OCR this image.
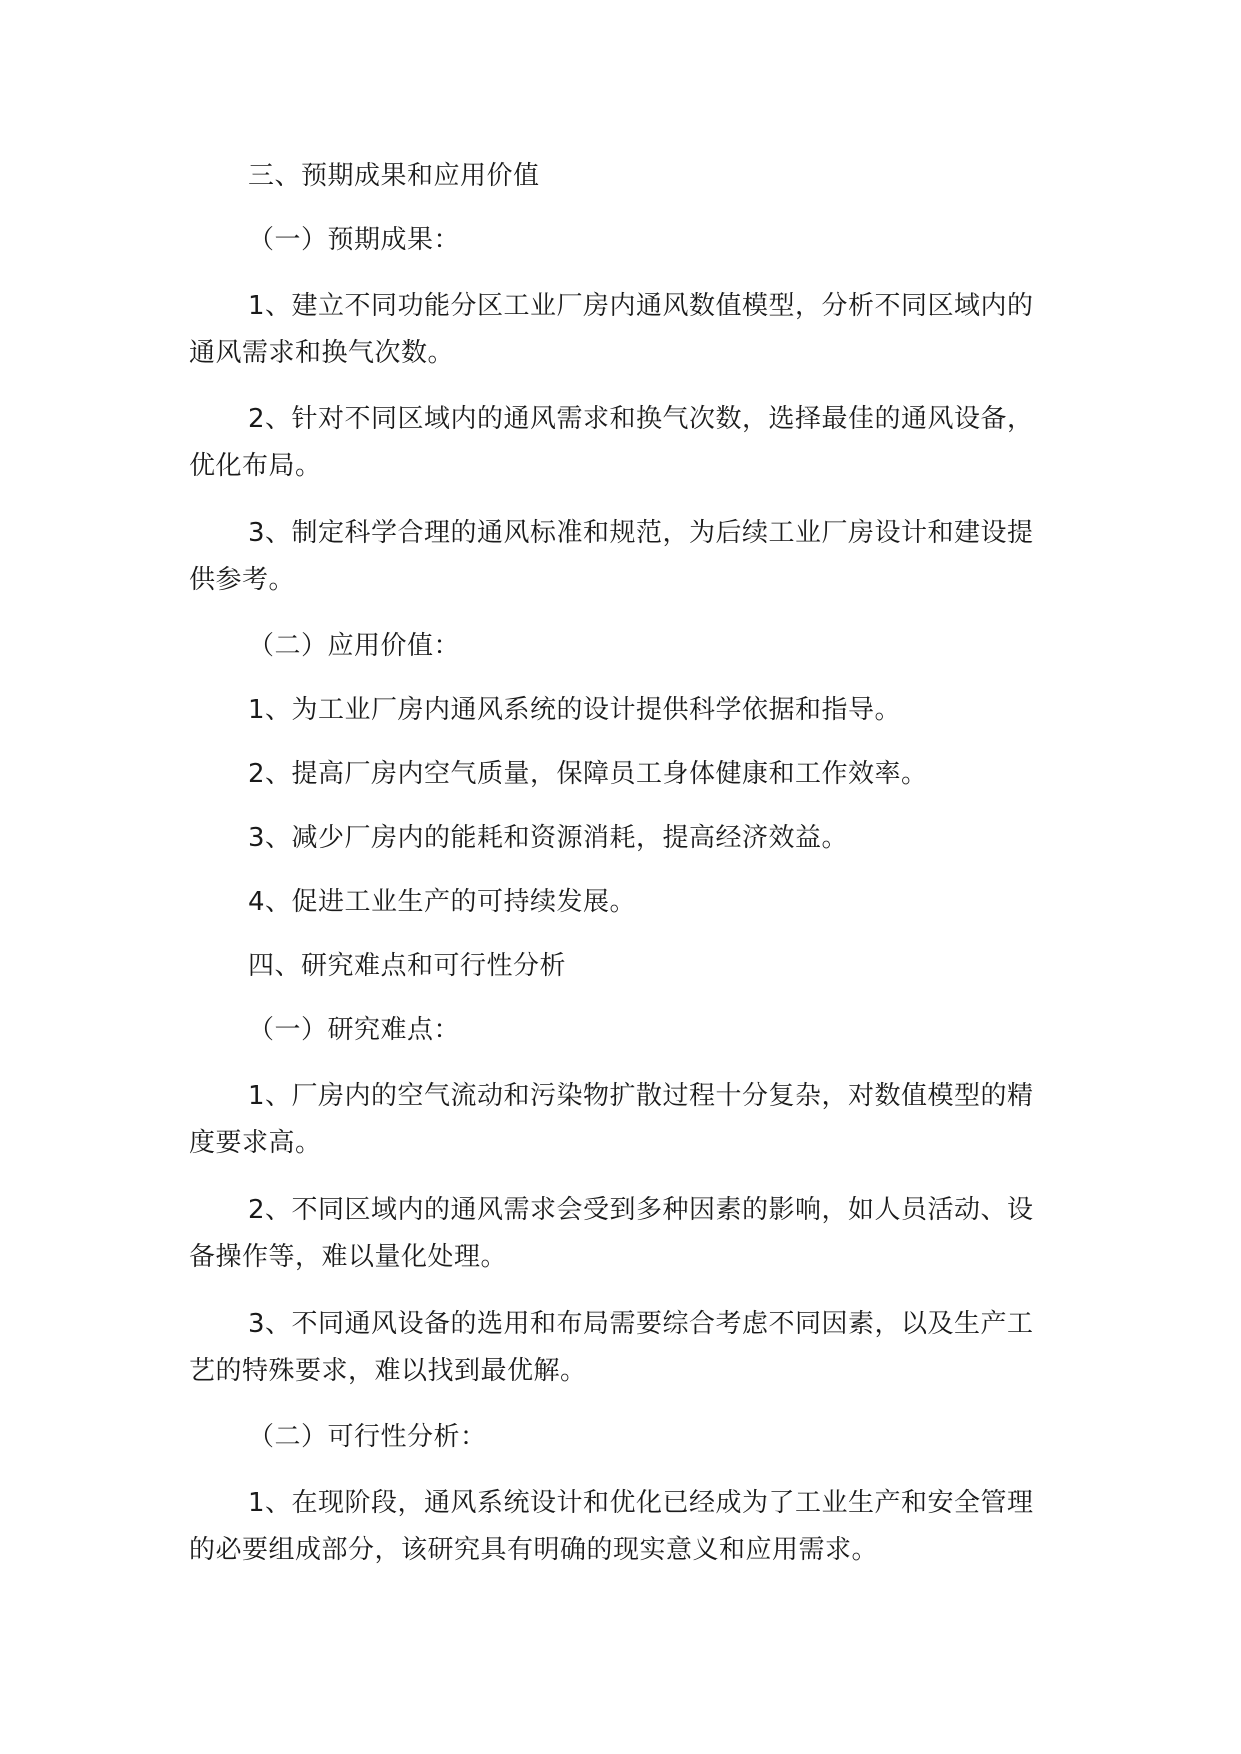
三、预期成果和应用价值
（一）预期成果：
1、建立不同功能分区工业厂房内通风数值模型，分析不同区域内的
通风需求和换气次数。
2、针对不同区域内的通风需求和换气次数，选择最佳的通风设备，
优化布局。
3、制定科学合理的通风标准和规范，为后续工业厂房设计和建设提
供参考。
（二）应用价值：
1、为工业厂房内通风系统的设计提供科学依据和指导。
2、提高厂房内空气质量，保障员工身体健康和工作效率。
3、减少厂房内的能耗和资源消耗，提高经济效益。
4、促进工业生产的可持续发展。
四、研究难点和可行性分析
（一）研究难点：
1、厂房内的空气流动和污染物扩散过程十分复杂，对数值模型的精
度要求高。
2、不同区域内的通风需求会受到多种因素的影响，如人员活动、设
备操作等，难以量化处理。
3、不同通风设备的选用和布局需要综合考虑不同因素，以及生产工
艺的特殊要求，难以找到最优解。
（二）可行性分析：
1、在现阶段，通风系统设计和优化已经成为了工业生产和安全管理
的必要组成部分，该研究具有明确的现实意义和应用需求。
